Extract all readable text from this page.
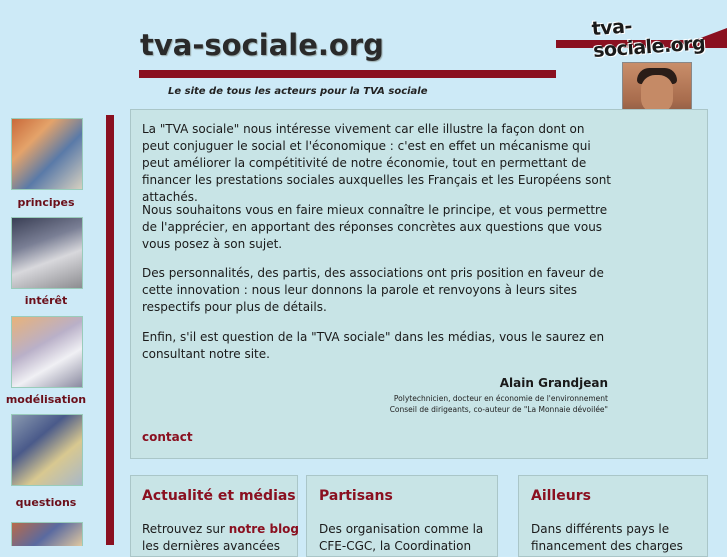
tva-sociale.org
Le site de tous les acteurs pour la TVA sociale
tva-sociale.org
principes
intérêt
modélisation
questions
La "TVA sociale" nous intéresse vivement car elle illustre la façon dont on peut conjuguer le social et l'économique : c'est en effet un mécanisme qui peut améliorer la compétitivité de notre économie, tout en permettant de financer les prestations sociales auxquelles les Français et les Européens sont attachés.
Nous souhaitons vous en faire mieux connaître le principe, et vous permettre de l'apprécier, en apportant des réponses concrètes aux questions que vous vous posez à son sujet.
Des personnalités, des partis, des associations ont pris position en faveur de cette innovation : nous leur donnons la parole et renvoyons à leurs sites respectifs pour plus de détails.
Enfin, s'il est question de la "TVA sociale" dans les médias, vous le saurez en consultant notre site.
Alain Grandjean
Polytechnicien, docteur en économie de l'environnement
Conseil de dirigeants, co-auteur de "La Monnaie dévoilée"
contact
Actualité et médias
Retrouvez sur notre blog
les dernières avancées
Partisans
Des organisation comme la
CFE-CGC, la Coordination
Ailleurs
Dans différents pays le
financement des charges
